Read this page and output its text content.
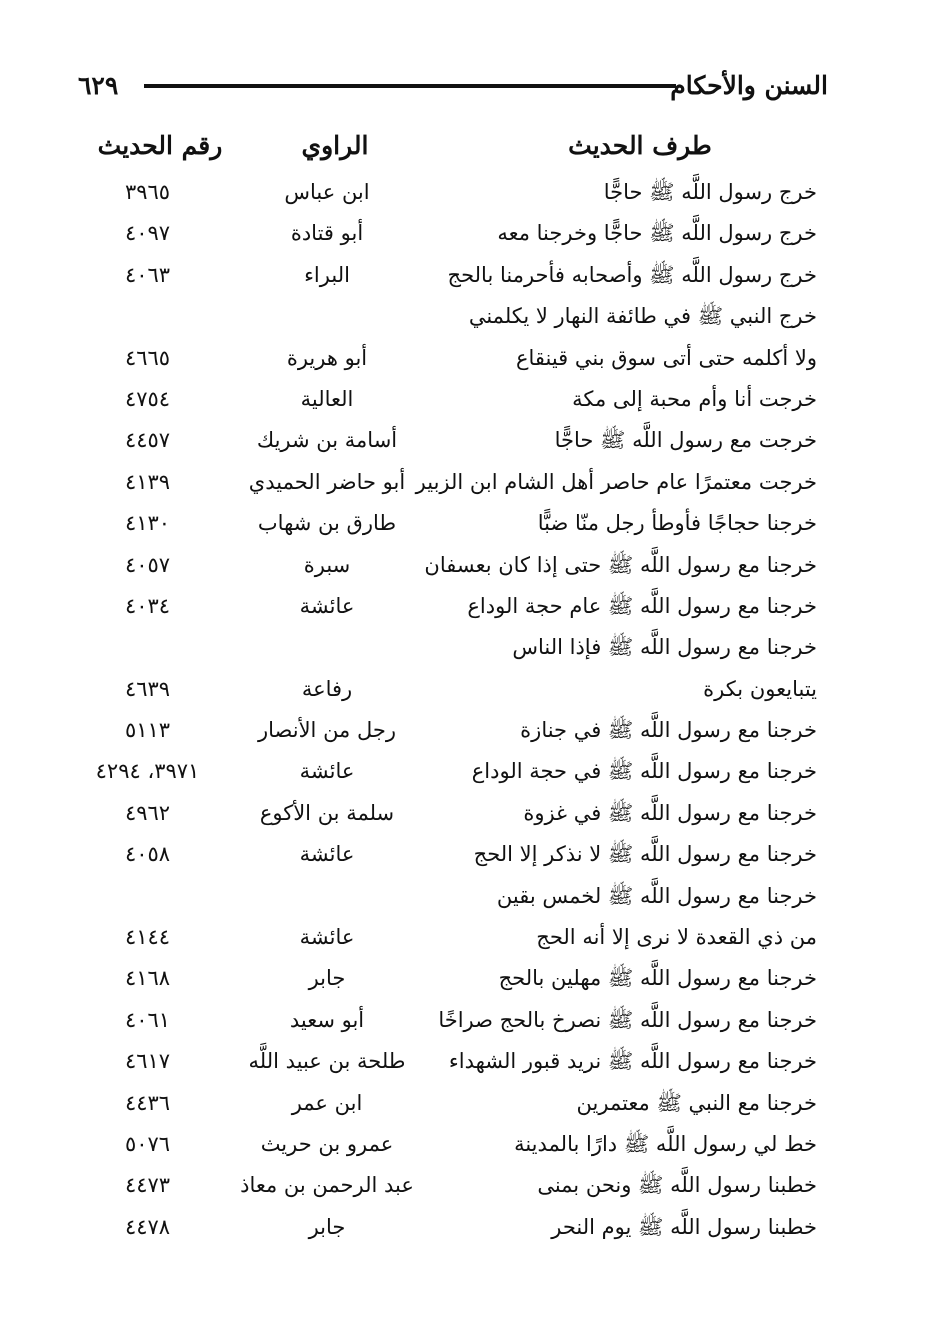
السنن والأحكام
٦٢٩
طرف الحديث
الراوي
رقم الحديث
خرج رسول اللَّه ﷺ حاجًّا
ابن عباس
٣٩٦٥
خرج رسول اللَّه ﷺ حاجًّا وخرجنا معه
أبو قتادة
٤٠٩٧
خرج رسول اللَّه ﷺ وأصحابه فأحرمنا بالحج
البراء
٤٠٦٣
خرج النبي ﷺ في طائفة النهار لا يكلمني
ولا أكلمه حتى أتى سوق بني قينقاع
أبو هريرة
٤٦٦٥
خرجت أنا وأم محبة إلى مكة
العالية
٤٧٥٤
خرجت مع رسول اللَّه ﷺ حاجًّا
أسامة بن شريك
٤٤٥٧
خرجت معتمرًا عام حاصر أهل الشام ابن الزبير
أبو حاضر الحميدي
٤١٣٩
خرجنا حجاجًا فأوطأ رجل منّا ضبًّا
طارق بن شهاب
٤١٣٠
خرجنا مع رسول اللَّه ﷺ حتى إذا كان بعسفان
سبرة
٤٠٥٧
خرجنا مع رسول اللَّه ﷺ عام حجة الوداع
عائشة
٤٠٣٤
خرجنا مع رسول اللَّه ﷺ فإذا الناس
يتبايعون بكرة
رفاعة
٤٦٣٩
خرجنا مع رسول اللَّه ﷺ في جنازة
رجل من الأنصار
٥١١٣
خرجنا مع رسول اللَّه ﷺ في حجة الوداع
عائشة
٣٩٧١، ٤٢٩٤
خرجنا مع رسول اللَّه ﷺ في غزوة
سلمة بن الأكوع
٤٩٦٢
خرجنا مع رسول اللَّه ﷺ لا نذكر إلا الحج
عائشة
٤٠٥٨
خرجنا مع رسول اللَّه ﷺ لخمس بقين
من ذي القعدة لا نرى إلا أنه الحج
عائشة
٤١٤٤
خرجنا مع رسول اللَّه ﷺ مهلين بالحج
جابر
٤١٦٨
خرجنا مع رسول اللَّه ﷺ نصرخ بالحج صراخًا
أبو سعيد
٤٠٦١
خرجنا مع رسول اللَّه ﷺ نريد قبور الشهداء
طلحة بن عبيد اللَّه
٤٦١٧
خرجنا مع النبي ﷺ معتمرين
ابن عمر
٤٤٣٦
خط لي رسول اللَّه ﷺ دارًا بالمدينة
عمرو بن حريث
٥٠٧٦
خطبنا رسول اللَّه ﷺ ونحن بمنى
عبد الرحمن بن معاذ
٤٤٧٣
خطبنا رسول اللَّه ﷺ يوم النحر
جابر
٤٤٧٨
